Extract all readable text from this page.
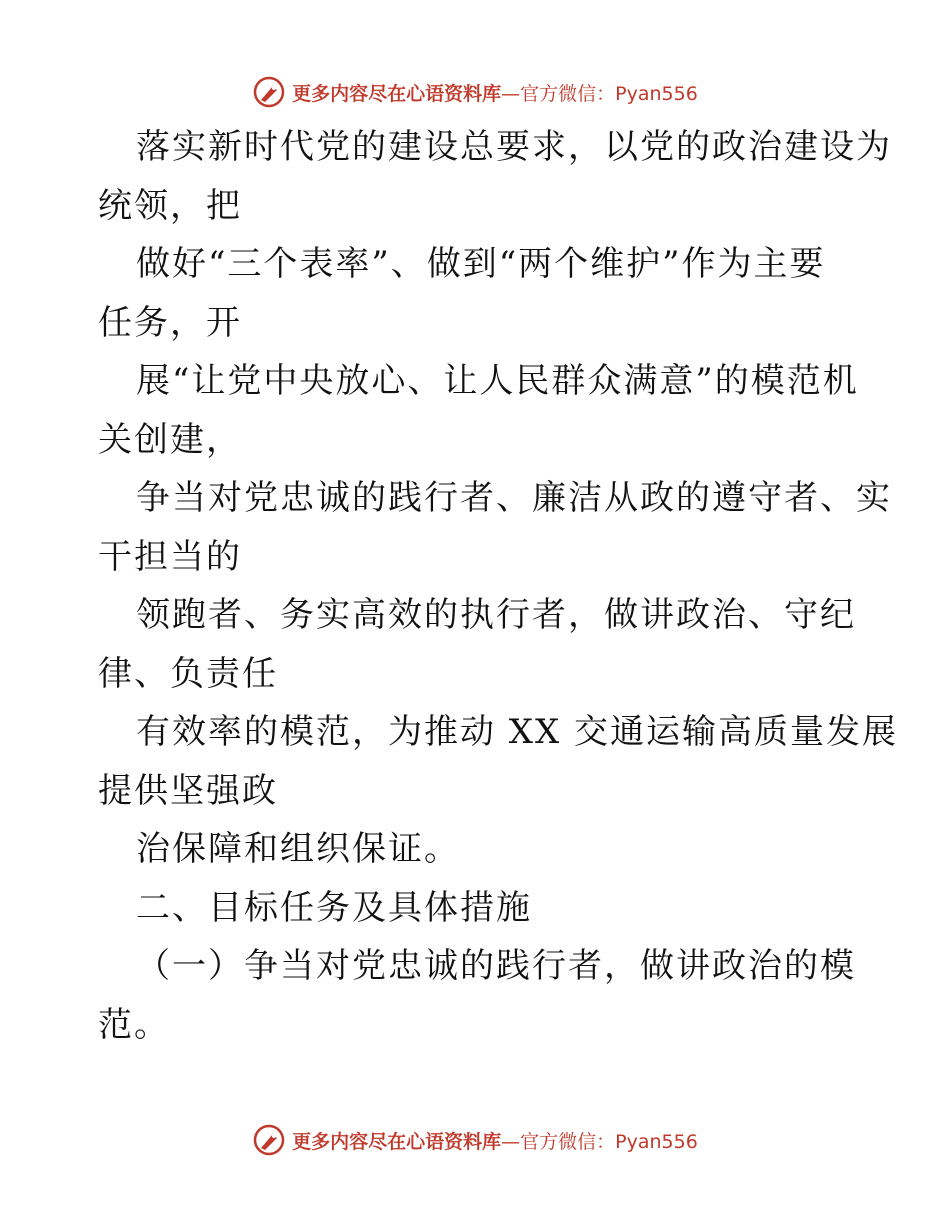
更多内容尽在心语资料库 —官方微信：Pyan556
落实新时代党的建设总要求，以党的政治建设为
统领，把
做好“三个表率”、做到“两个维护”作为主要
任务，开
展“让党中央放心、让人民群众满意”的模范机
关创建，
争当对党忠诚的践行者、廉洁从政的遵守者、实
干担当的
领跑者、务实高效的执行者，做讲政治、守纪
律、负责任
有效率的模范，为推动 XX 交通运输高质量发展
提供坚强政
治保障和组织保证。
二、目标任务及具体措施
（一）争当对党忠诚的践行者，做讲政治的模
范。
更多内容尽在心语资料库 —官方微信：Pyan556
